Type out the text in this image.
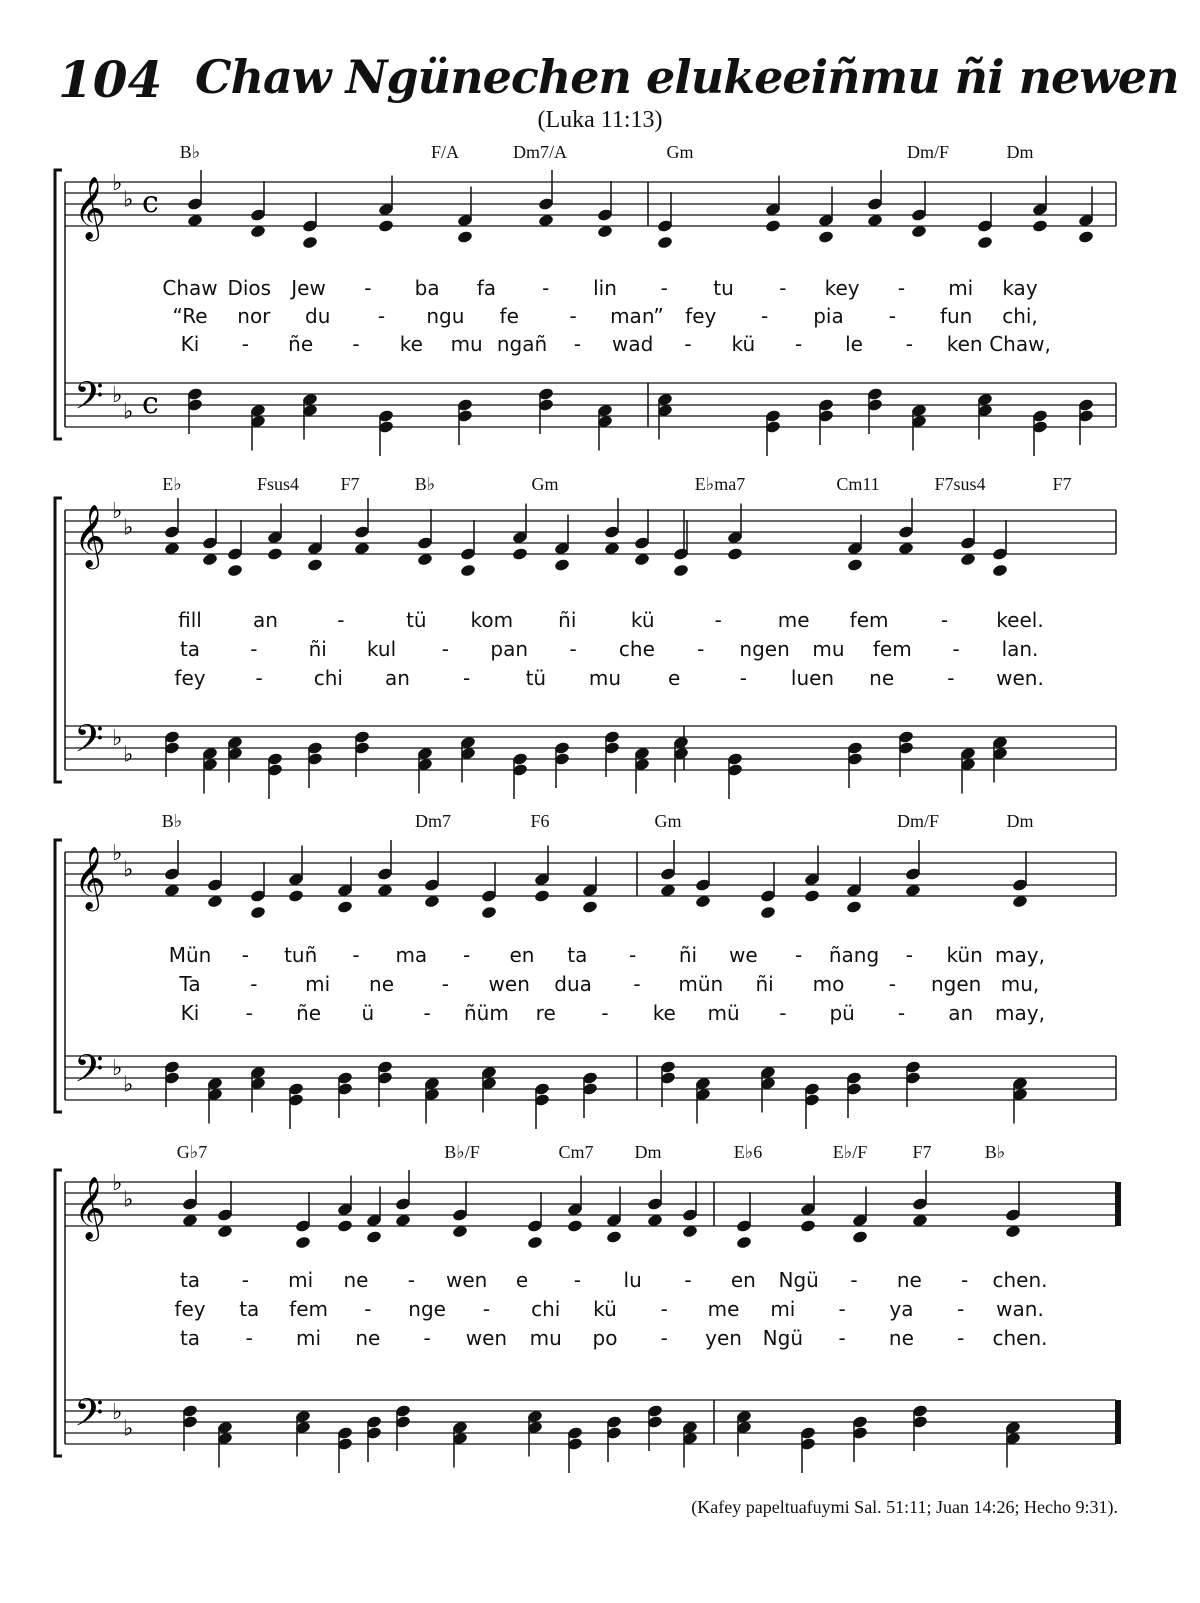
104 Chaw Ngünechen elukeeiñmu ñi newen
(Luka 11:13)
𝄞 ♭
♭ c
𝄢 ♭
♭ c
B♭	F/A	Dm7/A	Gm	Dm/F	Dm
Chaw Dios Jew - ba fa - lin - tu - key - mi kay
“Re nor du - ngu fe	- man” fey - pia - fun chi,
Ki - ñe - ke mu ngañ - wad - kü - le - ken Chaw,
𝄞 ♭
♭
𝄢 ♭
♭
E♭	Fsus4 F7	B♭	Gm	E♭ma7	Cm11	F7sus4	F7
fill	an	-	tü kom ñi	kü	-	me fem	- keel.
ta	-	ñi kul - pan - che - ngen mu fem - lan.
fey -	chi an	-	tü mu e	- luen ne	- wen.
𝄞 ♭
♭
𝄢 ♭
♭
B♭	Dm7	F6	Gm	Dm/F	Dm
Mün - tuñ - ma - en ta - ñi we - ñang - kün may,
Ta - mi ne - wen dua - mün ñi mo - ngen mu,
Ki - ñe ü - ñüm re - ke mü - pü - an may,
𝄞 ♭
♭
𝄢 ♭
♭
G♭7	B♭/F	Cm7 Dm	E♭6	E♭/F	F7	B♭
ta - mi ne - wen e - lu - en Ngü - ne - chen.
fey ta fem - nge - chi kü - me mi - ya - wan.
ta - mi ne - wen mu po - yen Ngü - ne - chen.
(Kafey papeltuafuymi Sal. 51:11; Juan 14:26; Hecho 9:31).
